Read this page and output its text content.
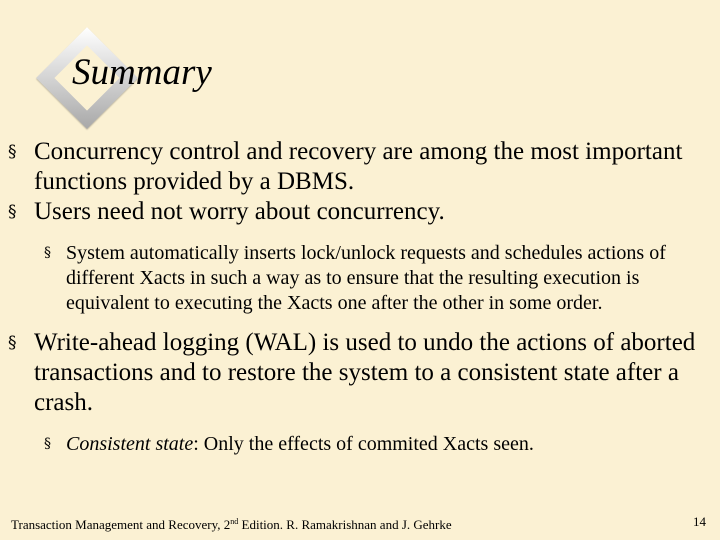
Summary
§ Concurrency control and recovery are among the most important functions provided by a DBMS.
§ Users need not worry about concurrency.
§ System automatically inserts lock/unlock requests and schedules actions of different Xacts in such a way as to ensure that the resulting execution is equivalent to executing the Xacts one after the other in some order.
§ Write-ahead logging (WAL) is used to undo the actions of aborted transactions and to restore the system to a consistent state after a crash.
§ Consistent state: Only the effects of commited Xacts seen.
Transaction Management and Recovery, 2nd Edition. R. Ramakrishnan and J. Gehrke	14
